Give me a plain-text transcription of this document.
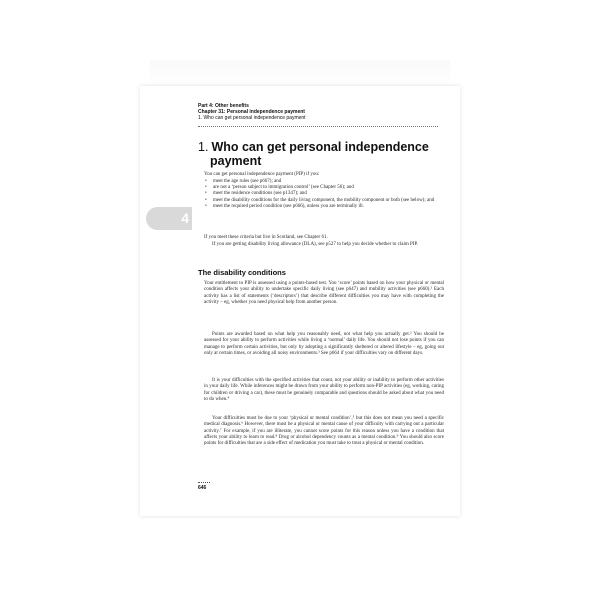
Part 4: Other benefits
Chapter 31: Personal independence payment
1. Who can get personal independence payment
1. Who can get personal independence
payment
4
You can get personal independence payment (PIP) if you:
• meet the age rules (see p667); and
• are not a ‘person subject to immigration control’ (see Chapter 56); and
• meet the residence conditions (see p1347); and
• meet the disability conditions for the daily living component, the mobility component or both (see below); and
• meet the required period condition (see p666), unless you are terminally ill.
If you meet these criteria but live in Scotland, see Chapter 61.
If you are getting disability living allowance (DLA), see p527 to help you decide whether to claim PIP.
The disability conditions
Your entitlement to PIP is assessed using a points-based test. You ‘score’ points based on how your physical or mental condition affects your ability to undertake specific daily living (see p647) and mobility activities (see p660).¹ Each activity has a list of statements (‘descriptors’) that describe different difficulties you may have with completing the activity – eg, whether you need physical help from another person.
Points are awarded based on what help you reasonably need, not what help you actually get.² You should be assessed for your ability to perform activities while living a ‘normal’ daily life. You should not lose points if you can manage to perform certain activities, but only by adopting a significantly sheltered or altered lifestyle – eg, going out only at certain times, or avoiding all noisy environments.³ See p664 if your difficulties vary on different days.
It is your difficulties with the specified activities that count, not your ability or inability to perform other activities in your daily life. While inferences might be drawn from your ability to perform non-PIP activities (eg, working, caring for children or driving a car), these must be genuinely comparable and questions should be asked about what you need to do when.⁴
Your difficulties must be due to your ‘physical or mental condition’,⁵ but this does not mean you need a specific medical diagnosis.⁶ However, there must be a physical or mental cause of your difficulty with carrying out a particular activity.⁷ For example, if you are illiterate, you cannot score points for this reason unless you have a condition that affects your ability to learn to read.⁸ Drug or alcohol dependency counts as a mental condition.⁹ You should also score points for difficulties that are a side effect of medication you must take to treat a physical or mental condition.
646
